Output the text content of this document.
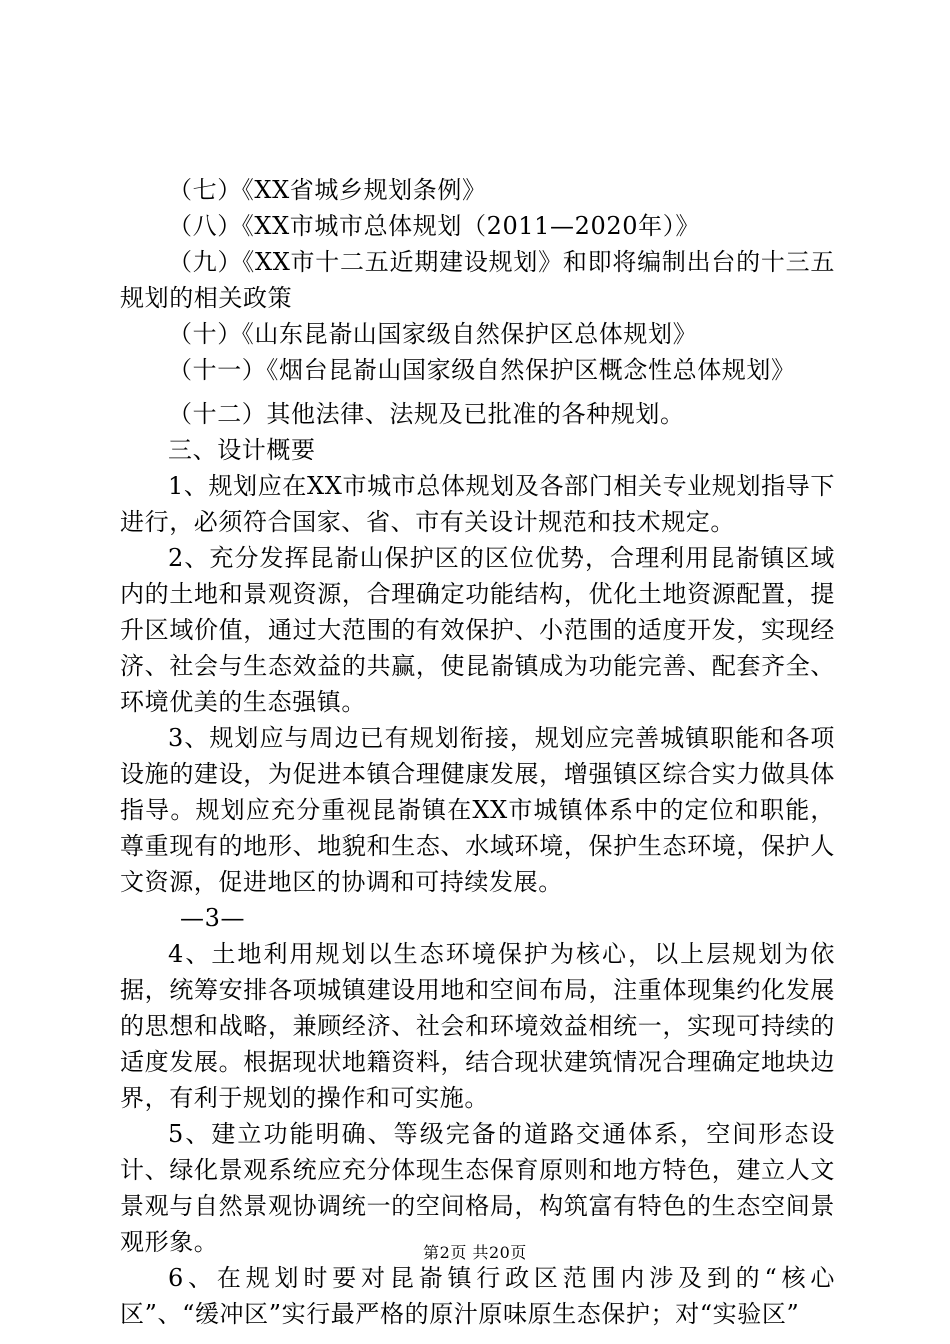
（七）《XX省城乡规划条例》

（八）《XX市城市总体规划（2011—2020年）》

（九）《XX市十二五近期建设规划》和即将编制出台的十三五规划的相关政策

（十）《山东昆嵛山国家级自然保护区总体规划》

（十一）《烟台昆嵛山国家级自然保护区概念性总体规划》

（十二）其他法律、法规及已批准的各种规划。

三、设计概要

1、规划应在XX市城市总体规划及各部门相关专业规划指导下进行，必须符合国家、省、市有关设计规范和技术规定。

2、充分发挥昆嵛山保护区的区位优势，合理利用昆嵛镇区域内的土地和景观资源，合理确定功能结构，优化土地资源配置，提升区域价值，通过大范围的有效保护、小范围的适度开发，实现经济、社会与生态效益的共赢，使昆嵛镇成为功能完善、配套齐全、环境优美的生态强镇。

3、规划应与周边已有规划衔接，规划应完善城镇职能和各项设施的建设，为促进本镇合理健康发展，增强镇区综合实力做具体指导。规划应充分重视昆嵛镇在XX市城镇体系中的定位和职能，尊重现有的地形、地貌和生态、水域环境，保护生态环境，保护人文资源，促进地区的协调和可持续发展。

—3—

4、土地利用规划以生态环境保护为核心，以上层规划为依据，统筹安排各项城镇建设用地和空间布局，注重体现集约化发展的思想和战略，兼顾经济、社会和环境效益相统一，实现可持续的适度发展。根据现状地籍资料，结合现状建筑情况合理确定地块边界，有利于规划的操作和可实施。

5、建立功能明确、等级完备的道路交通体系，空间形态设计、绿化景观系统应充分体现生态保育原则和地方特色，建立人文景观与自然景观协调统一的空间格局，构筑富有特色的生态空间景观形象。

6、在规划时要对昆嵛镇行政区范围内涉及到的“核心区”、“缓冲区”实行最严格的原汁原味原生态保护；对“实验区”

第2页 共20页
